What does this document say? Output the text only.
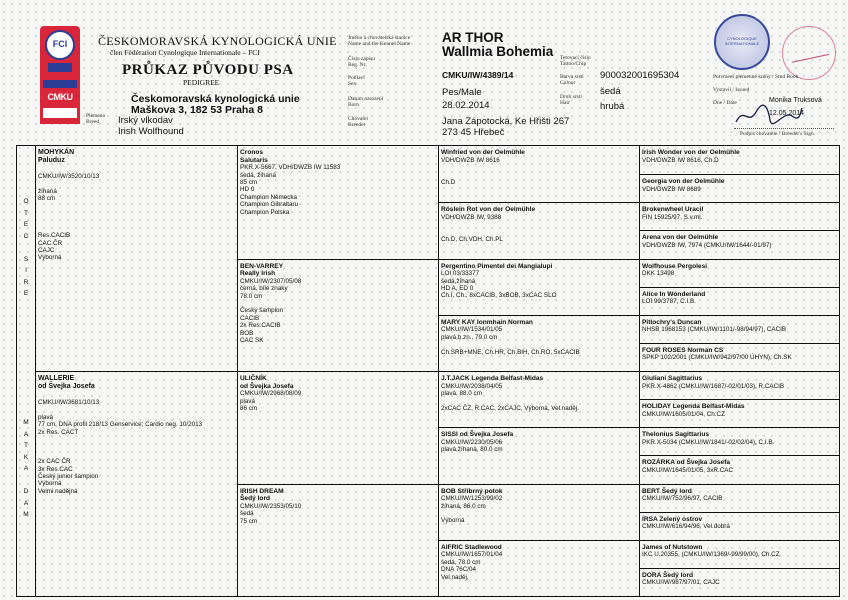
FCI
CMKU
ČESKOMORAVSKÁ KYNOLOGICKÁ UNIE
člen Fédération Cynologique Internationale – FCI
PRŮKAZ PŮVODU PSA
PEDIGREE
Českomoravská kynologická unie
Maškova 3, 182 53 Praha 8
Plemeno
Breed	Irský vlkodav
Irish Wolfhound
Jméno a chovatelská stanice
Name and the Kennel Name
Číslo zápisu
Reg. Nr.
Pohlaví
Sex
Datum narození
Born
Chovatel
Breeder
AR THOR
Wallmia Bohemia
CMKU/IW/4389/14
Pes/Male
28.02.2014
Jana Zápotocká, Ke Hřišti 267
273 45 Hřebeč
Tetovací číslo
Tattoo/Chip
Barva srsti
Colour
Druh srsti
Hair
900032001695304
šedá
hrubá
CYNOLOGIQUE INTERNATIONALE
Potvrzení plemenné knihy / Stud Book
Vystavil / Issued
Dne / Date	Monika Truksová
12.05.2014
Podpis chovatele / Breeder's Sign.
O
T
E
C

S
I
R
E
M
A
T
K
A

D
A
M
MOHYKÁN
Paluduz
CMKU/IW/3520/10/13

žíhaná
88 cm

Res.CACIB
CAC ČR
CAJC
Výborná
WALLERIE
od Švejka Josefa
CMKU/IW/3681/10/13

plavá
77 cm, DNA profil 218/13 Genservice; Cardio neg. 10/2013
2x Res. CACT

2x CAC ČR
3x Res.CAC
Český junior šampion
Výborná
Velmi nadějná
Cronos
Salutaris
PKR.X-5667, VDH/DWZB IW 11583
šedá, žíhaná
85 cm
HD 0
Champion Německa
Champion Gibraltaru
Champion Polska
BEN-VARREY
Really Irish
CMKU/IW/2307/05/08
černá, bílé znaky
78.0 cm

Český šampion
CACIB
2x Res.CACIB
BOB
CAC SK
ULIČNÍK
od Švejka Josefa
CMKU/IW/2968/08/09
plavá
86 cm
IRISH DREAM
Šedý lord
CMKU/IW/2353/05/10
šedá
75 cm
Winfried von der Oelmühle
VDH/DWZB IW 8616

Ch.D
Röslein Rot von der Oelmühle
VDH/DWZB IW, 9388

Ch.D, Ch.VDH, Ch.PL
Pergentino Pimentel dei Mangialupi
LOI 03/33377
šedá,žíhaná
HD A, ED 0
Ch.I, Ch., 8xCACIB, 3xBOB, 3xCAC SLO
MARY KAY Ionmhain Norman
CMKU/IW/1534/01/05
plavá,b.zn., 79.0 cm

Ch.SRB+MNE, Ch.HR, Ch.BIH, Ch.RO, 5xCACIB
J.T.JACK Legenda Belfast-Midas
CMKU/IW/2038/04/05
plavá, 88.0 cm

2xCAC ČZ, R.CAC, 2xCAJC, Výborná, Vel.naděj.
SISSI od Švejka Josefa
CMKU/IW/2230/05/06
plavá,žíhaná, 80.0 cm
BOB Stříbrný potok
CMKU/IW/1253/99/02
žíhaná, 86.0 cm

Výborná
AIFRIC Stadlewood
CMKU/IW/1657/01/04
šedá, 78.0 cm
DNA 76C/04
Vel.naděj.
Irish Wonder von der Oelmühle
VDH/DWZB IW 8616, Ch.D
Georgia von der Oelmühle
VDH/DWZB IW 8689
Brokenwheel Uracil
FIN 15925/97, S.v.ml.
Arena von der Oelmühle
VDH/DWZB IW, 7974 (CMKU/IW/1644/-01/97)
Wolfhouse Pergolesi
DKK 13498
Alice In Wonderland
LOI 99/3787, C.I.B.
Pitlochry's Duncan
NHSB 1968153 (CMKU/IW/1101/-98/94/97), CACIB
FOUR ROSES Norman CS
SPKP 102/2001 (CMKU/IW/942/97/00 ÚHYN), Ch.SK
Giuliani Sagittarius
PKR.X-4862 (CMKU/IW/1687/-02/01/03), R.CACIB
HOLIDAY Legenda Belfast-Midas
CMKU/IW/1605/01/04, Ch.CZ
Thelonius Sagittarius
PKR.X-5034 (CMKU/IW/1841/-02/02/04), C.I.B.
ROZÁRKA od Švejka Josefa
CMKU/IW/1645/01/05, 3xR.CAC
BERT Šedý lord
CMKU/IW/752/96/97, CACIB
IRSA Zelený ostrov
CMKU/IW/616/94/96, Vel.dobrá
James of Nutstown
IKC U.20355, (CMKU/IW/1369/-99/99/00), Ch.CZ
DORA Šedý lord
CMKU/IW/987/97/01, CAJC
